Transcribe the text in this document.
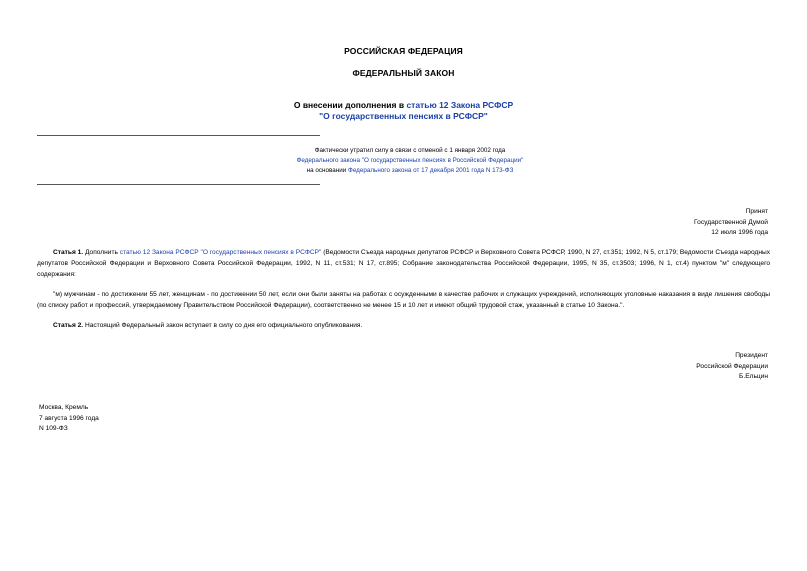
РОССИЙСКАЯ ФЕДЕРАЦИЯ
ФЕДЕРАЛЬНЫЙ ЗАКОН
О внесении дополнения в статью 12 Закона РСФСР
"О государственных пенсиях в РСФСР"
Фактически утратил силу в связи с отменой с 1 января 2002 года
Федерального закона "О государственных пенсиях в Российской Федерации"
на основании Федерального закона от 17 декабря 2001 года N 173-ФЗ
Принят
Государственной Думой
12 июля 1996 года
Статья 1. Дополнить статью 12 Закона РСФСР "О государственных пенсиях в РСФСР" (Ведомости Съезда народных депутатов РСФСР и Верховного Совета РСФСР, 1990, N 27, ст.351; 1992, N 5, ст.179; Ведомости Съезда народных депутатов Российской Федерации и Верховного Совета Российской Федерации, 1992, N 11, ст.531; N 17, ст.895; Собрание законодательства Российской Федерации, 1995, N 35, ст.3503; 1996, N 1, ст.4) пунктом "м" следующего содержания:
"м) мужчинам - по достижении 55 лет, женщинам - по достижении 50 лет, если они были заняты на работах с осужденными в качестве рабочих и служащих учреждений, исполняющих уголовные наказания в виде лишения свободы (по списку работ и профессий, утверждаемому Правительством Российской Федерации), соответственно не менее 15 и 10 лет и имеют общий трудовой стаж, указанный в статье 10 Закона.".
Статья 2. Настоящий Федеральный закон вступает в силу со дня его официального опубликования.
Президент
Российской Федерации
Б.Ельцин
Москва, Кремль
7 августа 1996 года
N 109-ФЗ
